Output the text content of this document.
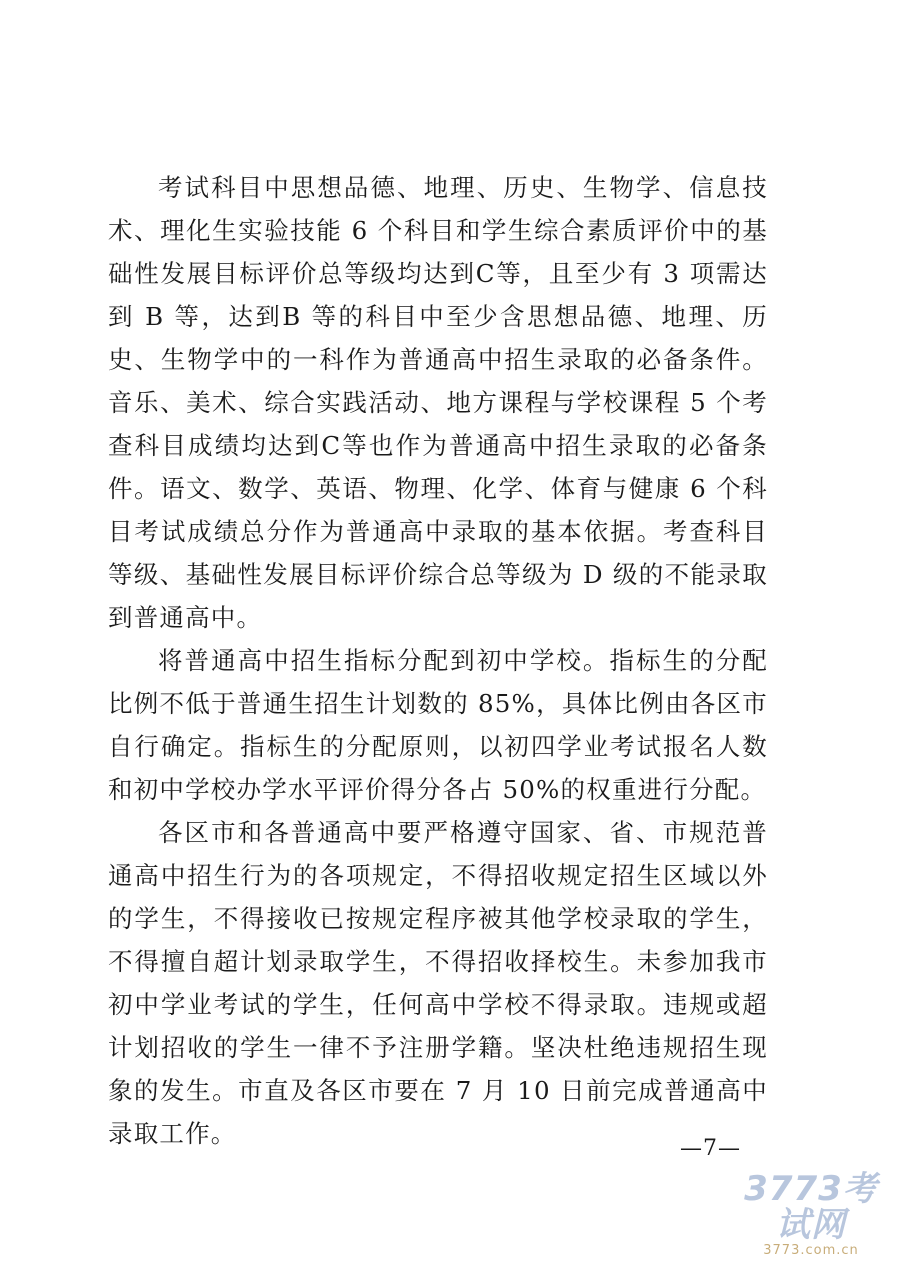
考试科目中思想品德、地理、历史、生物学、信息技术、理化生实验技能 6 个科目和学生综合素质评价中的基础性发展目标评价总等级均达到C等，且至少有 3 项需达到 B 等，达到B 等的科目中至少含思想品德、地理、历史、生物学中的一科作为普通高中招生录取的必备条件。音乐、美术、综合实践活动、地方课程与学校课程 5 个考查科目成绩均达到C等也作为普通高中招生录取的必备条件。语文、数学、英语、物理、化学、体育与健康 6 个科目考试成绩总分作为普通高中录取的基本依据。考查科目等级、基础性发展目标评价综合总等级为 D 级的不能录取到普通高中。

将普通高中招生指标分配到初中学校。指标生的分配比例不低于普通生招生计划数的 85%，具体比例由各区市自行确定。指标生的分配原则，以初四学业考试报名人数和初中学校办学水平评价得分各占 50%的权重进行分配。

各区市和各普通高中要严格遵守国家、省、市规范普通高中招生行为的各项规定，不得招收规定招生区域以外的学生，不得接收已按规定程序被其他学校录取的学生，不得擅自超计划录取学生，不得招收择校生。未参加我市初中学业考试的学生，任何高中学校不得录取。违规或超计划招收的学生一律不予注册学籍。坚决杜绝违规招生现象的发生。市直及各区市要在 7 月 10 日前完成普通高中录取工作。

—7—
3773考试网
3773.com.cn
